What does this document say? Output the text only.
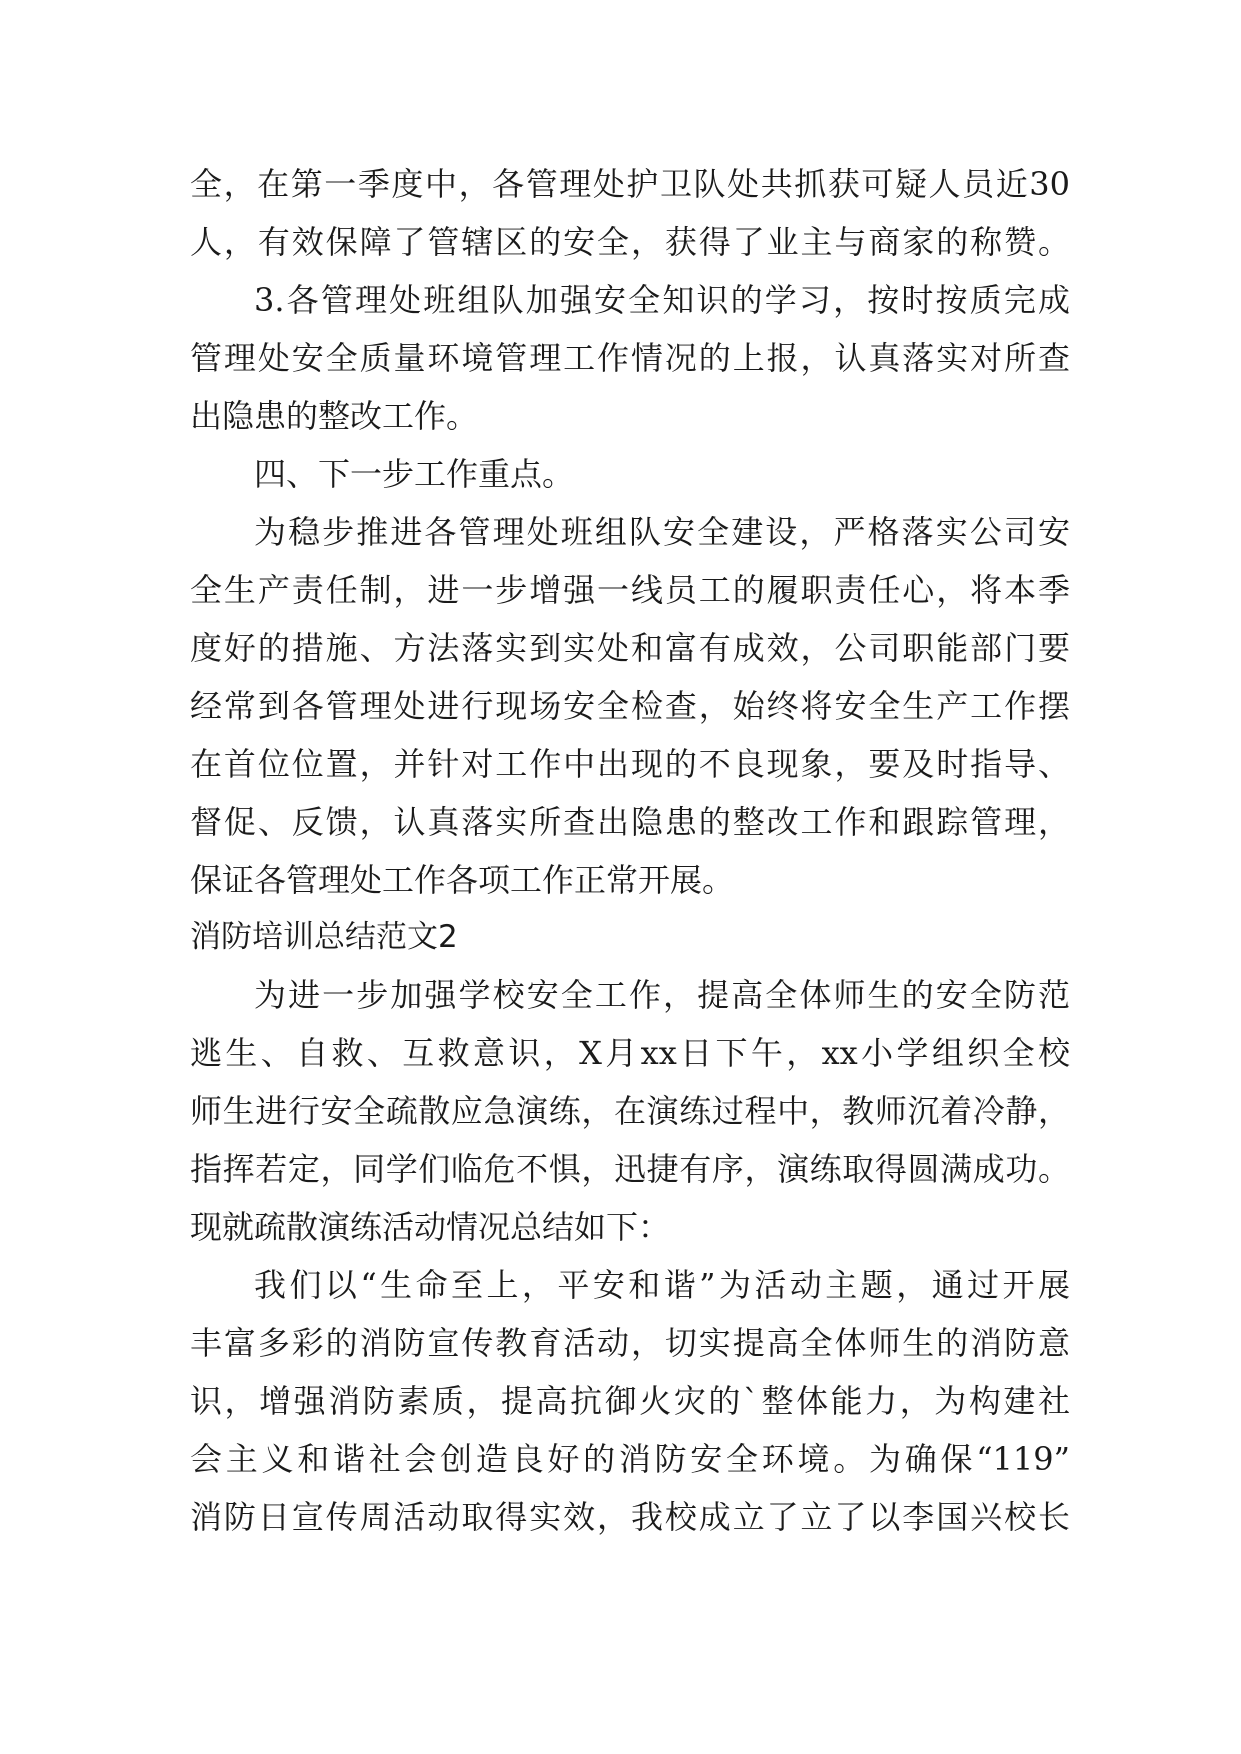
全，在第一季度中，各管理处护卫队处共抓获可疑人员近30
人，有效保障了管辖区的安全，获得了业主与商家的称赞。
3.各管理处班组队加强安全知识的学习，按时按质完成
管理处安全质量环境管理工作情况的上报，认真落实对所查
出隐患的整改工作。
四、下一步工作重点。
为稳步推进各管理处班组队安全建设，严格落实公司安
全生产责任制，进一步增强一线员工的履职责任心，将本季
度好的措施、方法落实到实处和富有成效，公司职能部门要
经常到各管理处进行现场安全检查，始终将安全生产工作摆
在首位位置，并针对工作中出现的不良现象，要及时指导、
督促、反馈，认真落实所查出隐患的整改工作和跟踪管理，
保证各管理处工作各项工作正常开展。
消防培训总结范文2
为进一步加强学校安全工作，提高全体师生的安全防范
逃生、自救、互救意识，X月xx日下午，xx小学组织全校
师生进行安全疏散应急演练，在演练过程中，教师沉着冷静，
指挥若定，同学们临危不惧，迅捷有序，演练取得圆满成功。
现就疏散演练活动情况总结如下：
我们以“生命至上，平安和谐”为活动主题，通过开展
丰富多彩的消防宣传教育活动，切实提高全体师生的消防意
识，增强消防素质，提高抗御火灾的`整体能力，为构建社
会主义和谐社会创造良好的消防安全环境。为确保“119”
消防日宣传周活动取得实效，我校成立了立了以李国兴校长
